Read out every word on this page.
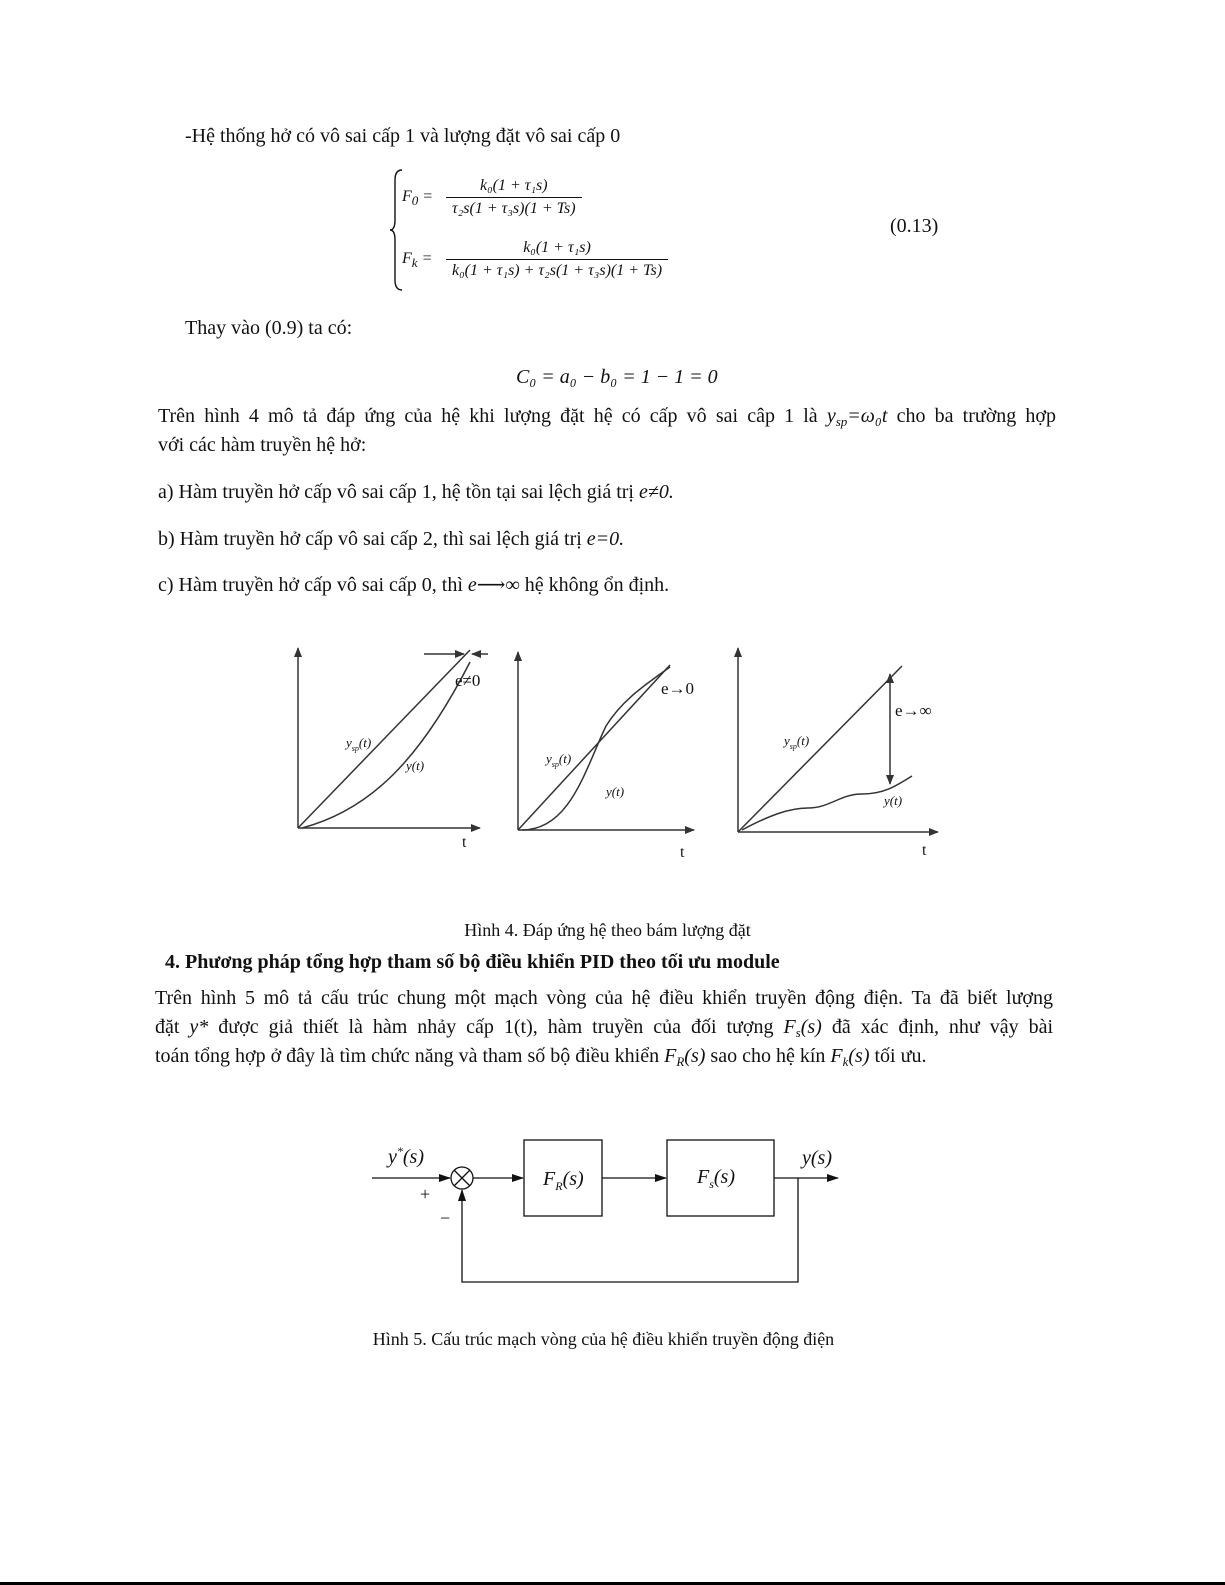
-Hệ thống hở có vô sai cấp 1 và lượng đặt vô sai cấp 0

$F_0 = \frac{\text{k₀(1 + τ₁s)}}{\text{τ₂s(1 + τ₃s)(1 + Ts)}}$
$F_k = \frac{\text{k₀(1 + τ₁s)}}{\text{k₀(1 + τ₁s) + τ₂s(1 + τ₃s)(1 + Ts)}}$

(0.13)

Thay vào (0.9) ta có:

C₀ = a₀ − b₀ = 1 − 1 = 0

Trên hình 4 mô tả đáp ứng của hệ khi lượng đặt hệ có cấp vô sai câp 1 là $y_{sp}=\omega_0t$ cho ba trường hợp

với các hàm truyền hệ hở:

a) Hàm truyền hở cấp vô sai cấp 1, hệ tồn tại sai lệch giá trị e≠0.

b) Hàm truyền hở cấp vô sai cấp 2, thì sai lệch giá trị e=0.

c) Hàm truyền hở cấp vô sai cấp 0, thì e⟶∞ hệ không ổn định.

e≠0
$y_{sp}(t)$
y(t)
t
e→0
$y_{sp}(t)$
y(t)
t
e→∞
$y_{sp}(t)$
y(t)
t

Hình 4. Đáp ứng hệ theo bám lượng đặt

4. Phương pháp tổng hợp tham số bộ điều khiển PID theo tối ưu module

Trên hình 5 mô tả cấu trúc chung một mạch vòng của hệ điều khiển truyền động điện. Ta đã biết lượng

đặt y* được giả thiết là hàm nhảy cấp 1(t), hàm truyền của đối tượng $F_s(s)$ đã xác định, như vậy bài

toán tổng hợp ở đây là tìm chức năng và tham số bộ điều khiển $F_R(s)$ sao cho hệ kín $F_k(s)$ tối ưu.

y*(s)
+
−
$F_R(s)$	$F_s(s)$
y(s)

Hình 5. Cấu trúc mạch vòng của hệ điều khiển truyền động điện
